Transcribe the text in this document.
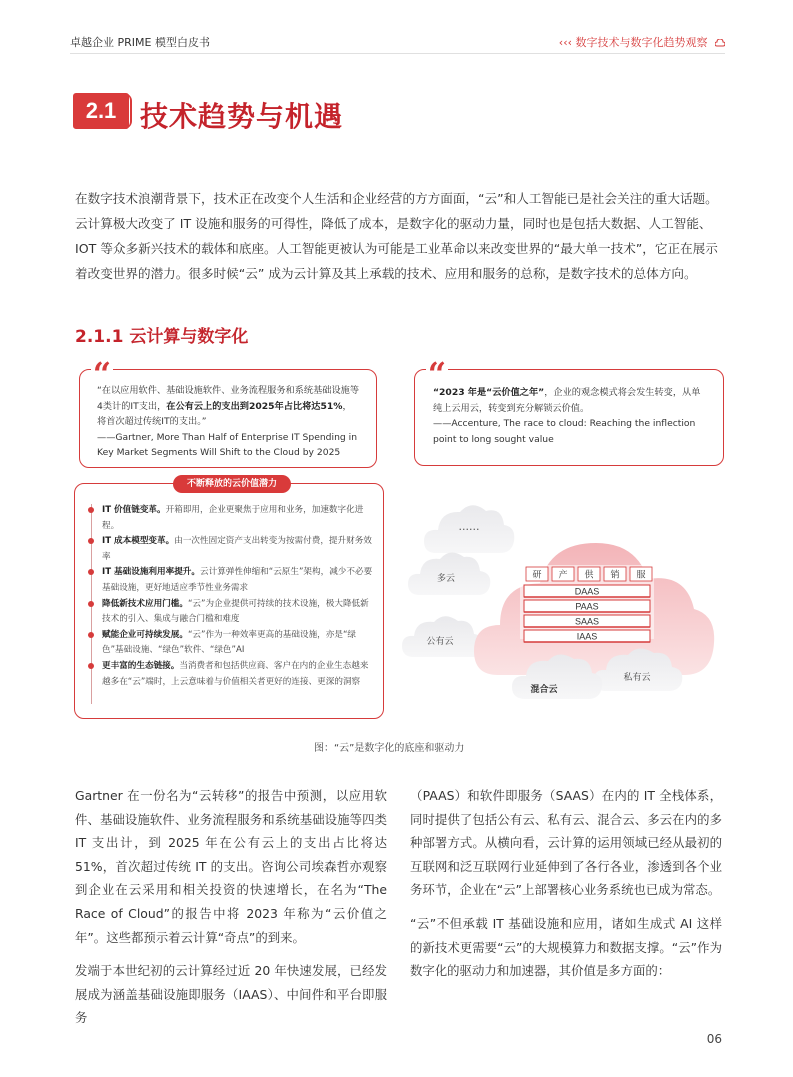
卓越企业 PRIME 模型白皮书	‹‹‹ 数字技术与数字化趋势观察
2.1 技术趋势与机遇

在数字技术浪潮背景下，技术正在改变个人生活和企业经营的方方面面，“云”和人工智能已是社会关注的重大话题。云计算极大改变了 IT 设施和服务的可得性，降低了成本，是数字化的驱动力量，同时也是包括大数据、人工智能、IOT 等众多新兴技术的载体和底座。人工智能更被认为可能是工业革命以来改变世界的“最大单一技术”，它正在展示着改变世界的潜力。很多时候“云” 成为云计算及其上承载的技术、应用和服务的总称，是数字技术的总体方向。

2.1.1 云计算与数字化
“

“在以应用软件、基础设施软件、业务流程服务和系统基础设施等4类计的IT支出，在公有云上的支出到2025年占比将达51%，将首次超过传统IT的支出。”

——Gartner, More Than Half of Enterprise IT Spending in Key Market Segments Will Shift to the Cloud by 2025

“

“2023 年是“云价值之年”，企业的观念模式将会发生转变，从单纯上云用云，转变到充分解锁云价值。

——Accenture, The race to cloud: Reaching the inflection point to long sought value

不断释放的云价值潜力
IT 价值链变革。开箱即用，企业更聚焦于应用和业务，加速数字化进程。
IT 成本模型变革。由一次性固定资产支出转变为按需付费，提升财务效率
IT 基础设施利用率提升。云计算弹性伸缩和“云原生”架构，减少不必要基础设施，更好地适应季节性业务需求
降低新技术应用门槛。“云”为企业提供可持续的技术设施，极大降低新技术的引入、集成与融合门槛和难度
赋能企业可持续发展。“云”作为一种效率更高的基础设施，亦是“绿色”基础设施、“绿色”软件、“绿色”AI
更丰富的生态链接。当消费者和包括供应商、客户在内的企业生态越来越多在“云”端时，上云意味着与价值相关者更好的连接、更深的洞察
研 产 供 销 服
DAAS
PAAS
SAAS
IAAS
......
多云
公有云
私有云
混合云
图：“云”是数字化的底座和驱动力

Gartner 在一份名为“云转移”的报告中预测，以应用软件、基础设施软件、业务流程服务和系统基础设施等四类 IT 支出计，到 2025 年在公有云上的支出占比将达 51%，首次超过传统 IT 的支出。咨询公司埃森哲亦观察到企业在云采用和相关投资的快速增长，在名为“The Race of Cloud”的报告中将 2023 年称为“云价值之年”。这些都预示着云计算“奇点”的到来。

发端于本世纪初的云计算经过近 20 年快速发展，已经发展成为涵盖基础设施即服务（IAAS）、中间件和平台即服务

（PAAS）和软件即服务（SAAS）在内的 IT 全栈体系，同时提供了包括公有云、私有云、混合云、多云在内的多种部署方式。从横向看，云计算的运用领域已经从最初的互联网和泛互联网行业延伸到了各行各业，渗透到各个业务环节，企业在“云”上部署核心业务系统也已成为常态。

“云”不但承载 IT 基础设施和应用，诸如生成式 AI 这样的新技术更需要“云”的大规模算力和数据支撑。“云”作为数字化的驱动力和加速器，其价值是多方面的：

06
